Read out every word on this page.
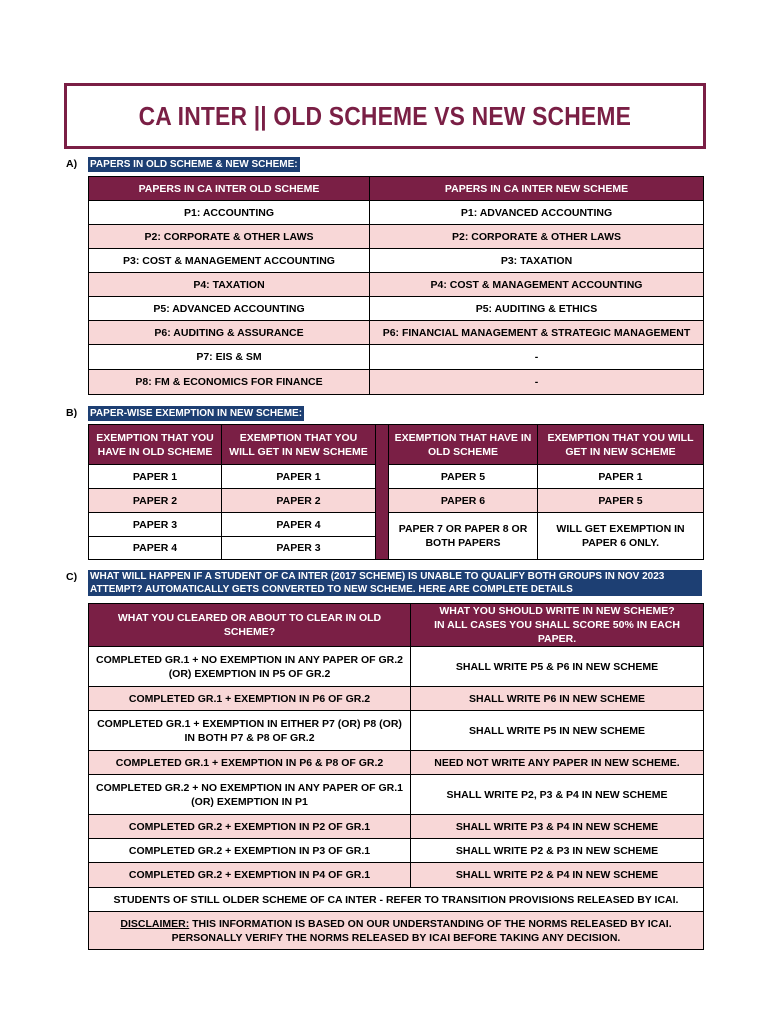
CA INTER || OLD SCHEME VS NEW SCHEME
A) PAPERS IN OLD SCHEME & NEW SCHEME:
PAPERS IN CA INTER OLD SCHEME	PAPERS IN CA INTER NEW SCHEME
P1: ACCOUNTING	P1: ADVANCED ACCOUNTING
P2: CORPORATE & OTHER LAWS	P2: CORPORATE & OTHER LAWS
P3: COST & MANAGEMENT ACCOUNTING	P3: TAXATION
P4: TAXATION	P4: COST & MANAGEMENT ACCOUNTING
P5: ADVANCED ACCOUNTING	P5: AUDITING & ETHICS
P6: AUDITING & ASSURANCE	P6: FINANCIAL MANAGEMENT & STRATEGIC MANAGEMENT
P7: EIS & SM	-
P8: FM & ECONOMICS FOR FINANCE	-
B) PAPER-WISE EXEMPTION IN NEW SCHEME:
EXEMPTION THAT YOU HAVE IN OLD SCHEME	EXEMPTION THAT YOU WILL GET IN NEW SCHEME		EXEMPTION THAT HAVE IN OLD SCHEME	EXEMPTION THAT YOU WILL GET IN NEW SCHEME
PAPER 1	PAPER 1		PAPER 5	PAPER 1
PAPER 2	PAPER 2		PAPER 6	PAPER 5
PAPER 3	PAPER 4		PAPER 7 OR PAPER 8 OR BOTH PAPERS	WILL GET EXEMPTION IN PAPER 6 ONLY.
PAPER 4	PAPER 3			
C) WHAT WILL HAPPEN IF A STUDENT OF CA INTER (2017 SCHEME) IS UNABLE TO QUALIFY BOTH GROUPS IN NOV 2023 ATTEMPT? AUTOMATICALLY GETS CONVERTED TO NEW SCHEME. HERE ARE COMPLETE DETAILS
WHAT YOU CLEARED OR ABOUT TO CLEAR IN OLD SCHEME?	WHAT YOU SHOULD WRITE IN NEW SCHEME?
IN ALL CASES YOU SHALL SCORE 50% IN EACH PAPER.
COMPLETED GR.1 + NO EXEMPTION IN ANY PAPER OF GR.2 (OR) EXEMPTION IN P5 OF GR.2	SHALL WRITE P5 & P6 IN NEW SCHEME
COMPLETED GR.1 + EXEMPTION IN P6 OF GR.2	SHALL WRITE P6 IN NEW SCHEME
COMPLETED GR.1 + EXEMPTION IN EITHER P7 (OR) P8 (OR) IN BOTH P7 & P8 OF GR.2	SHALL WRITE P5 IN NEW SCHEME
COMPLETED GR.1 + EXEMPTION IN P6 & P8 OF GR.2	NEED NOT WRITE ANY PAPER IN NEW SCHEME.
COMPLETED GR.2 + NO EXEMPTION IN ANY PAPER OF GR.1 (OR) EXEMPTION IN P1	SHALL WRITE P2, P3 & P4 IN NEW SCHEME
COMPLETED GR.2 + EXEMPTION IN P2 OF GR.1	SHALL WRITE P3 & P4 IN NEW SCHEME
COMPLETED GR.2 + EXEMPTION IN P3 OF GR.1	SHALL WRITE P2 & P3 IN NEW SCHEME
COMPLETED GR.2 + EXEMPTION IN P4 OF GR.1	SHALL WRITE P2 & P4 IN NEW SCHEME
STUDENTS OF STILL OLDER SCHEME OF CA INTER - REFER TO TRANSITION PROVISIONS RELEASED BY ICAI.	
DISCLAIMER: THIS INFORMATION IS BASED ON OUR UNDERSTANDING OF THE NORMS RELEASED BY ICAI. PERSONALLY VERIFY THE NORMS RELEASED BY ICAI BEFORE TAKING ANY DECISION.	
